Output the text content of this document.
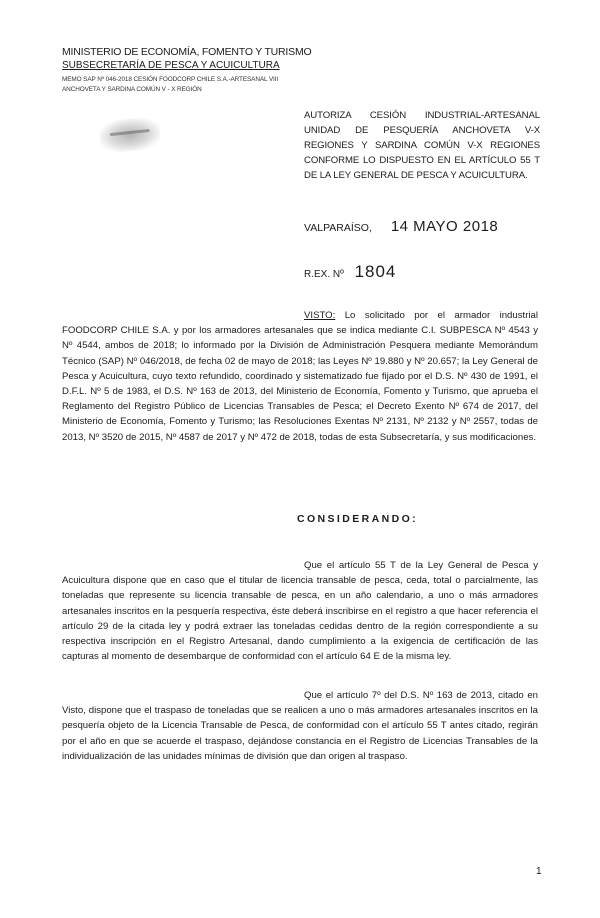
MINISTERIO DE ECONOMÍA, FOMENTO Y TURISMO
SUBSECRETARÍA DE PESCA Y ACUICULTURA
MEMO SAP Nº 046-2018 CESIÓN FOODCORP CHILE S.A.-ARTESANAL VIII
ANCHOVETA Y SARDINA COMÚN V - X REGIÓN
AUTORIZA CESIÓN INDUSTRIAL-ARTESANAL UNIDAD DE PESQUERÍA ANCHOVETA V-X REGIONES Y SARDINA COMÚN V-X REGIONES CONFORME LO DISPUESTO EN EL ARTÍCULO 55 T DE LA LEY GENERAL DE PESCA Y ACUICULTURA.
VALPARAÍSO, 14 MAYO 2018
R.EX. Nº 1804
VISTO: Lo solicitado por el armador industrial FOODCORP CHILE S.A. y por los armadores artesanales que se indica mediante C.I. SUBPESCA Nº 4543 y Nº 4544, ambos de 2018; lo informado por la División de Administración Pesquera mediante Memorándum Técnico (SAP) Nº 046/2018, de fecha 02 de mayo de 2018; las Leyes Nº 19.880 y Nº 20.657; la Ley General de Pesca y Acuicultura, cuyo texto refundido, coordinado y sistematizado fue fijado por el D.S. Nº 430 de 1991, el D.F.L. Nº 5 de 1983, el D.S. Nº 163 de 2013, del Ministerio de Economía, Fomento y Turismo, que aprueba el Reglamento del Registro Público de Licencias Transables de Pesca; el Decreto Exento Nº 674 de 2017, del Ministerio de Economía, Fomento y Turismo; las Resoluciones Exentas Nº 2131, Nº 2132 y Nº 2557, todas de 2013, Nº 3520 de 2015, Nº 4587 de 2017 y Nº 472 de 2018, todas de esta Subsecretaría, y sus modificaciones.
CONSIDERANDO:
Que el artículo 55 T de la Ley General de Pesca y Acuicultura dispone que en caso que el titular de licencia transable de pesca, ceda, total o parcialmente, las toneladas que represente su licencia transable de pesca, en un año calendario, a uno o más armadores artesanales inscritos en la pesquería respectiva, éste deberá inscribirse en el registro a que hacer referencia el artículo 29 de la citada ley y podrá extraer las toneladas cedidas dentro de la región correspondiente a su respectiva inscripción en el Registro Artesanal, dando cumplimiento a la exigencia de certificación de las capturas al momento de desembarque de conformidad con el artículo 64 E de la misma ley.
Que el artículo 7º del D.S. Nº 163 de 2013, citado en Visto, dispone que el traspaso de toneladas que se realicen a uno o más armadores artesanales inscritos en la pesquería objeto de la Licencia Transable de Pesca, de conformidad con el artículo 55 T antes citado, regirán por el año en que se acuerde el traspaso, dejándose constancia en el Registro de Licencias Transables de la individualización de las unidades mínimas de división que dan origen al traspaso.
1
